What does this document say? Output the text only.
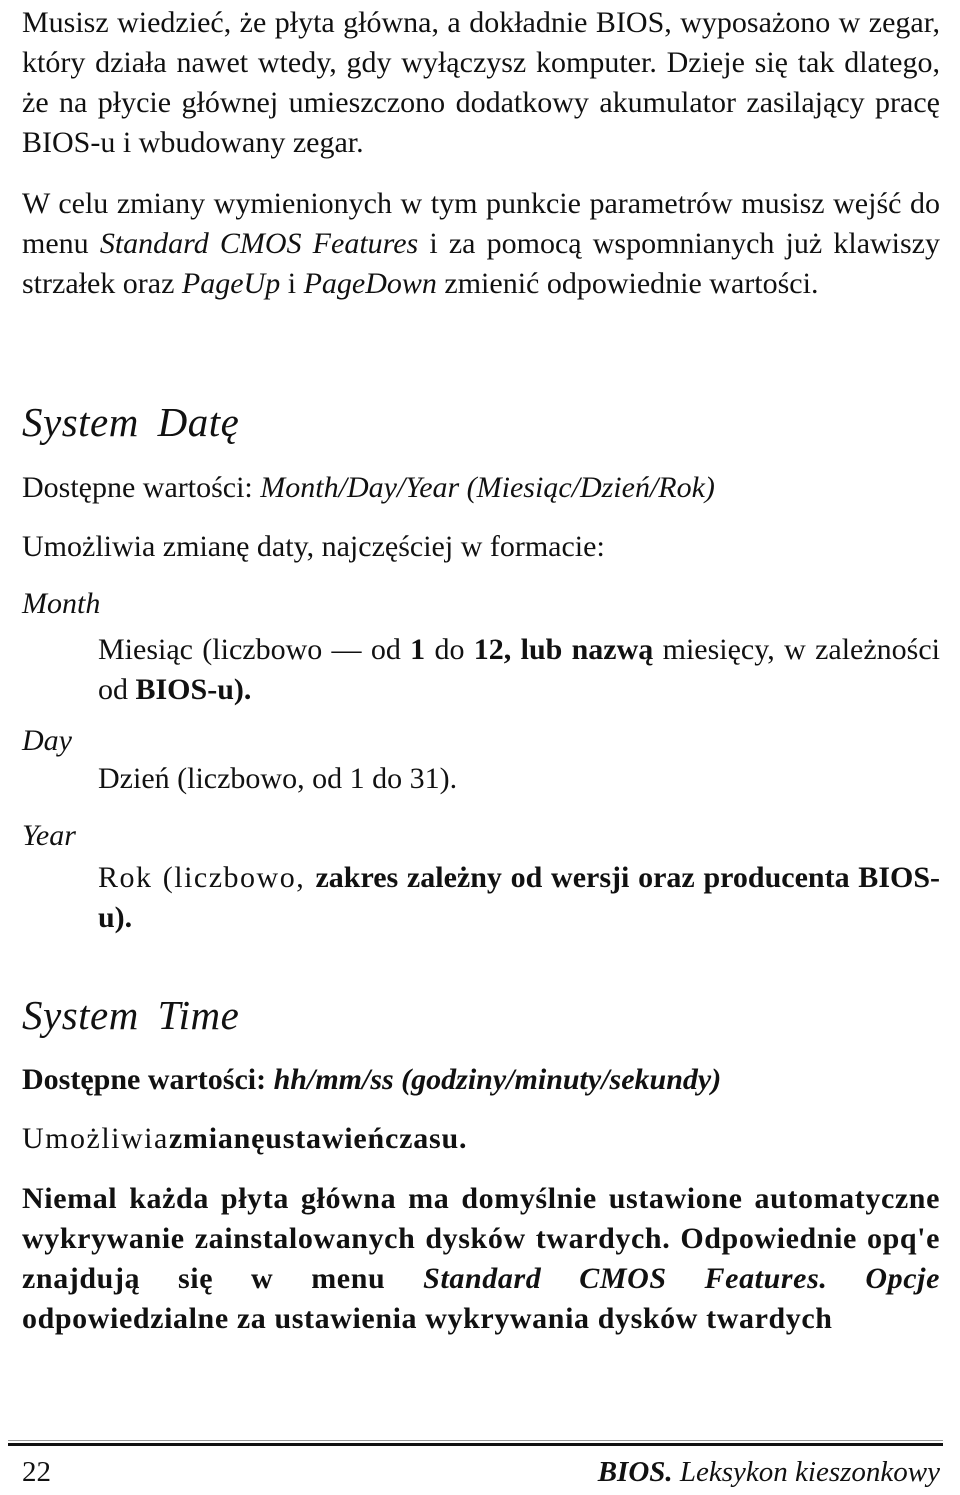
Musisz wiedzieć, że płyta główna, a dokładnie BIOS, wyposażono w zegar, który działa nawet wtedy, gdy wyłączysz komputer. Dzieje się tak dlatego, że na płycie głównej umieszczono dodatkowy akumulator zasilający pracę BIOS-u i wbudowany zegar.

W celu zmiany wymienionych w tym punkcie parametrów musisz wejść do menu Standard CMOS Features i za pomocą wspomnianych już klawiszy strzałek oraz PageUp i PageDown zmienić odpowiednie wartości.

System Datę

Dostępne wartości: Month/Day/Year (Miesiąc/Dzień/Rok)

Umożliwia zmianę daty, najczęściej w formacie:

Month

Miesiąc (liczbowo — od 1 do 12, lub nazwą miesięcy, w zależności od BIOS-u).

Day

Dzień (liczbowo, od 1 do 31).

Year

Rok (liczbowo, zakres zależny od wersji oraz producenta BIOS-u).

System Time

Dostępne wartości: hh/mm/ss (godziny/minuty/sekundy)

Umożliwiazmianęustawieńczasu.

Niemal każda płyta główna ma domyślnie ustawione automatyczne wykrywanie zainstalowanych dysków twardych. Odpowiednie opq'e znajdują się w menu Standard CMOS Features. Opcje odpowiedzialne za ustawienia wykrywania dysków twardych

22	BIOS. Leksykon kieszonkowy
